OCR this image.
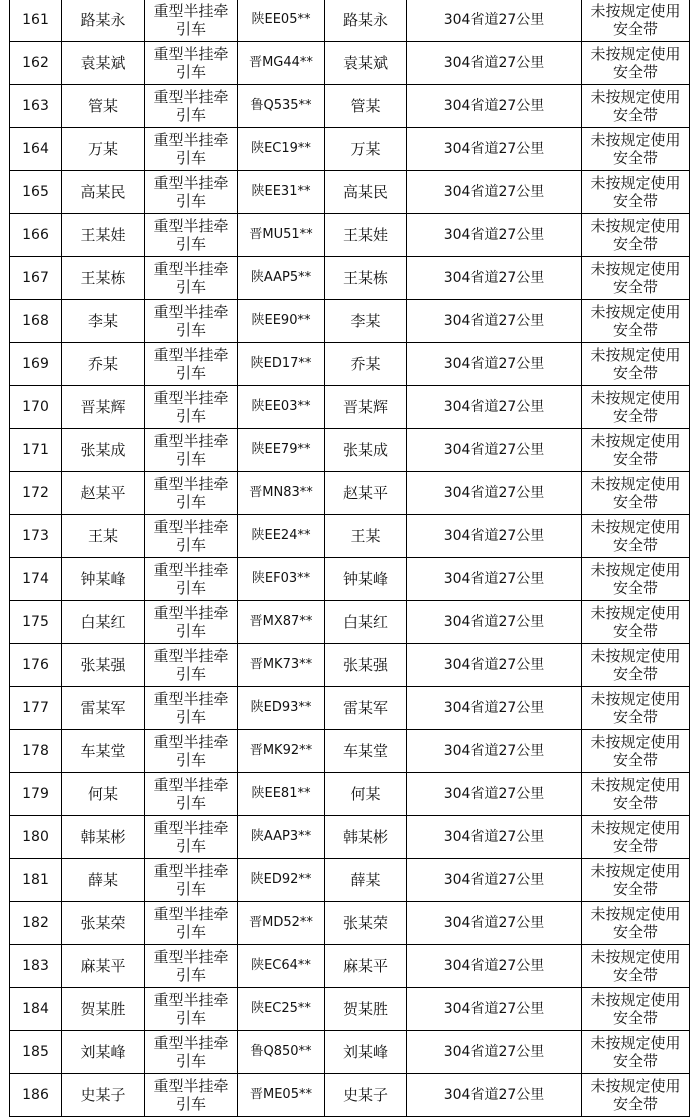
161	路某永	重型半挂牵引车	陕EE05**	路某永	304省道27公里	未按规定使用安全带

162	袁某斌	重型半挂牵引车	晋MG44**	袁某斌	304省道27公里	未按规定使用安全带

163	管某	重型半挂牵引车	鲁Q535**	管某	304省道27公里	未按规定使用安全带

164	万某	重型半挂牵引车	陕EC19**	万某	304省道27公里	未按规定使用安全带

165	高某民	重型半挂牵引车	陕EE31**	高某民	304省道27公里	未按规定使用安全带

166	王某娃	重型半挂牵引车	晋MU51**	王某娃	304省道27公里	未按规定使用安全带

167	王某栋	重型半挂牵引车	陕AAP5**	王某栋	304省道27公里	未按规定使用安全带

168	李某	重型半挂牵引车	陕EE90**	李某	304省道27公里	未按规定使用安全带

169	乔某	重型半挂牵引车	陕ED17**	乔某	304省道27公里	未按规定使用安全带

170	晋某辉	重型半挂牵引车	陕EE03**	晋某辉	304省道27公里	未按规定使用安全带

171	张某成	重型半挂牵引车	陕EE79**	张某成	304省道27公里	未按规定使用安全带

172	赵某平	重型半挂牵引车	晋MN83**	赵某平	304省道27公里	未按规定使用安全带

173	王某	重型半挂牵引车	陕EE24**	王某	304省道27公里	未按规定使用安全带

174	钟某峰	重型半挂牵引车	陕EF03**	钟某峰	304省道27公里	未按规定使用安全带

175	白某红	重型半挂牵引车	晋MX87**	白某红	304省道27公里	未按规定使用安全带

176	张某强	重型半挂牵引车	晋MK73**	张某强	304省道27公里	未按规定使用安全带

177	雷某军	重型半挂牵引车	陕ED93**	雷某军	304省道27公里	未按规定使用安全带

178	车某堂	重型半挂牵引车	晋MK92**	车某堂	304省道27公里	未按规定使用安全带

179	何某	重型半挂牵引车	陕EE81**	何某	304省道27公里	未按规定使用安全带

180	韩某彬	重型半挂牵引车	陕AAP3**	韩某彬	304省道27公里	未按规定使用安全带

181	薛某	重型半挂牵引车	陕ED92**	薛某	304省道27公里	未按规定使用安全带

182	张某荣	重型半挂牵引车	晋MD52**	张某荣	304省道27公里	未按规定使用安全带

183	麻某平	重型半挂牵引车	陕EC64**	麻某平	304省道27公里	未按规定使用安全带

184	贺某胜	重型半挂牵引车	陕EC25**	贺某胜	304省道27公里	未按规定使用安全带

185	刘某峰	重型半挂牵引车	鲁Q850**	刘某峰	304省道27公里	未按规定使用安全带

186	史某子	重型半挂牵引车	晋ME05**	史某子	304省道27公里	未按规定使用安全带
